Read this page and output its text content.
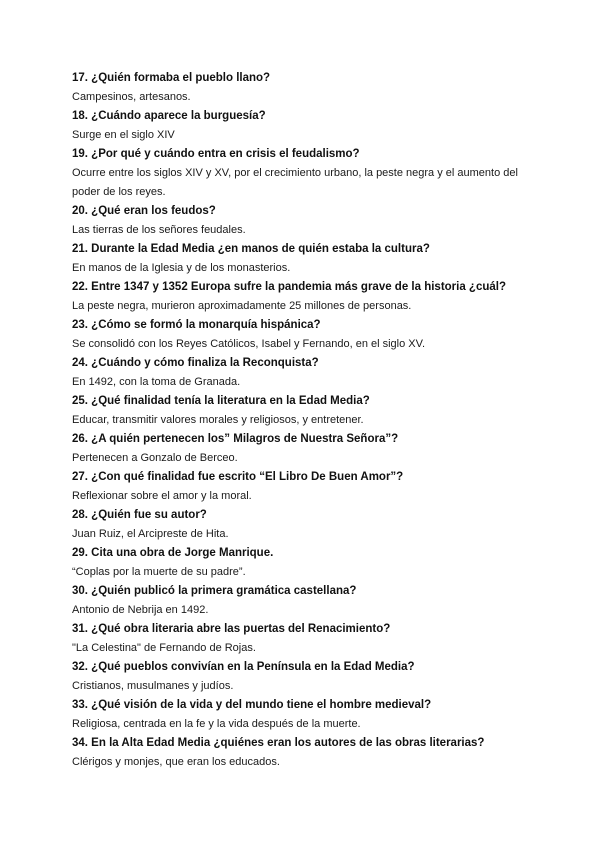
17. ¿Quién formaba el pueblo llano?
Campesinos, artesanos.
18. ¿Cuándo aparece la burguesía?
Surge en el siglo XIV
19. ¿Por qué y cuándo entra en crisis el feudalismo?
Ocurre entre los siglos XIV y XV, por el crecimiento urbano, la peste negra y el aumento del poder de los reyes.
20. ¿Qué eran los feudos?
Las tierras de los señores feudales.
21. Durante la Edad Media ¿en manos de quién estaba la cultura?
En manos de la Iglesia y de los monasterios.
22. Entre 1347 y 1352 Europa sufre la pandemia más grave de la historia ¿cuál?
La peste negra, murieron aproximadamente 25 millones de personas.
23. ¿Cómo se formó la monarquía hispánica?
Se consolidó con los Reyes Católicos, Isabel y Fernando, en el siglo XV.
24. ¿Cuándo y cómo finaliza la Reconquista?
En 1492, con la toma de Granada.
25. ¿Qué finalidad tenía la literatura en la Edad Media?
Educar, transmitir valores morales y religiosos, y entretener.
26. ¿A quién pertenecen los” Milagros de Nuestra Señora”?
Pertenecen a Gonzalo de Berceo.
27. ¿Con qué finalidad fue escrito “El Libro De Buen Amor”?
Reflexionar sobre el amor y la moral.
28. ¿Quién fue su autor?
Juan Ruiz, el Arcipreste de Hita.
29. Cita una obra de Jorge Manrique.
“Coplas por la muerte de su padre”.
30. ¿Quién publicó la primera gramática castellana?
Antonio de Nebrija en 1492.
31. ¿Qué obra literaria abre las puertas del Renacimiento?
"La Celestina" de Fernando de Rojas.
32. ¿Qué pueblos convivían en la Península en la Edad Media?
Cristianos, musulmanes y judíos.
33. ¿Qué visión de la vida y del mundo tiene el hombre medieval?
Religiosa, centrada en la fe y la vida después de la muerte.
34. En la Alta Edad Media ¿quiénes eran los autores de las obras literarias?
Clérigos y monjes, que eran los educados.
